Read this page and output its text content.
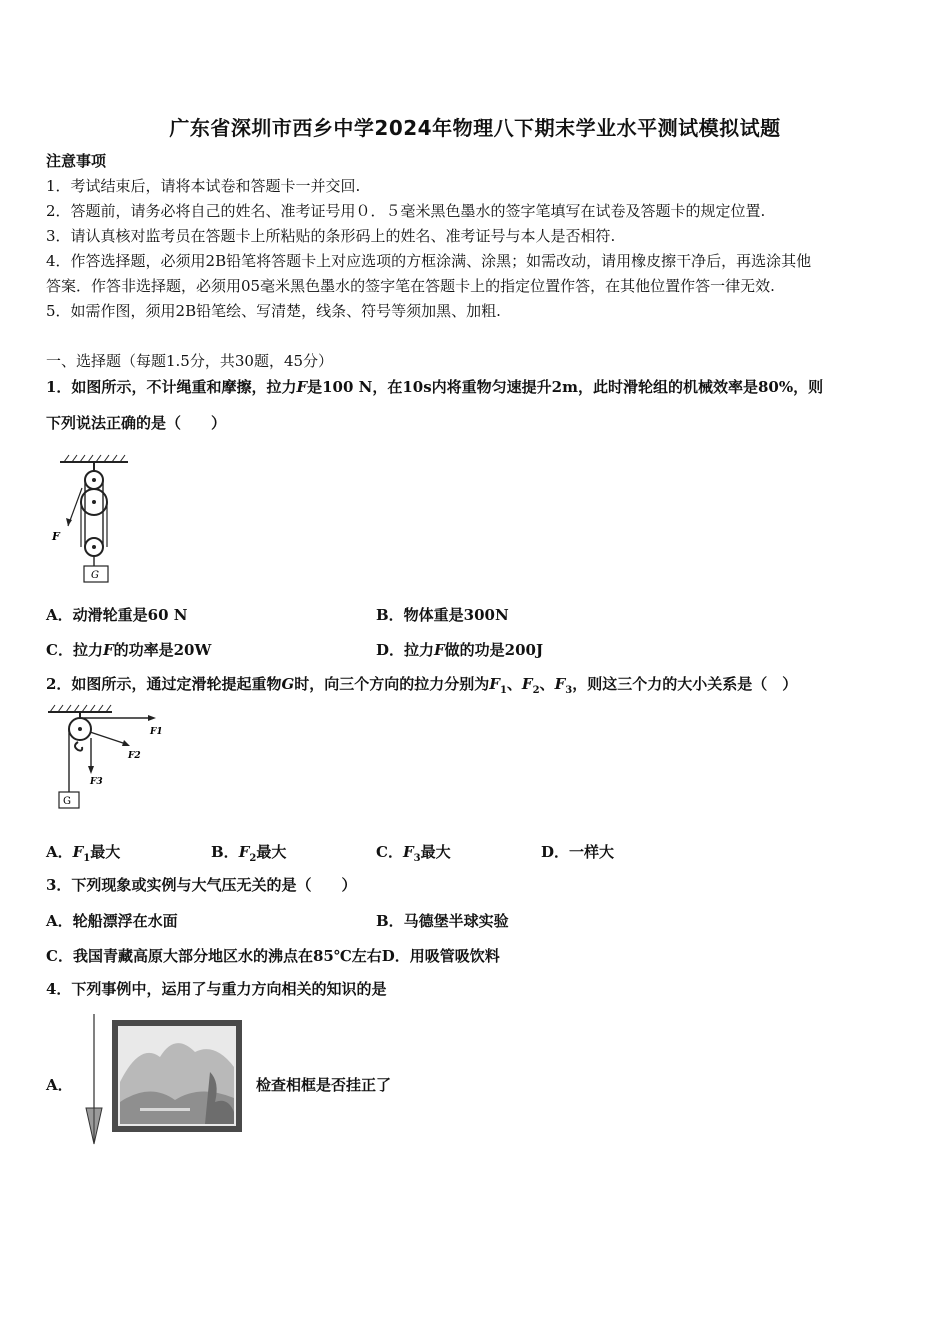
广东省深圳市西乡中学2024年物理八下期末学业水平测试模拟试题
注意事项
1．考试结束后，请将本试卷和答题卡一并交回.
2．答题前，请务必将自己的姓名、准考证号用０．５毫米黑色墨水的签字笔填写在试卷及答题卡的规定位置.
3．请认真核对监考员在答题卡上所粘贴的条形码上的姓名、准考证号与本人是否相符.
4．作答选择题，必须用2B铅笔将答题卡上对应选项的方框涂满、涂黑；如需改动，请用橡皮擦干净后，再选涂其他
答案．作答非选择题，必须用05毫米黑色墨水的签字笔在答题卡上的指定位置作答，在其他位置作答一律无效.
5．如需作图，须用2B铅笔绘、写清楚，线条、符号等须加黑、加粗.
一、选择题（每题1.5分，共30题，45分）
1．如图所示，不计绳重和摩擦，拉力F是100 N，在10s内将重物匀速提升2m，此时滑轮组的机械效率是80%，则
下列说法正确的是（　　）
F
G
A．动滑轮重是60 N	B．物体重是300N
C．拉力F的功率是20W	D．拉力F做的功是200J
2．如图所示，通过定滑轮提起重物G时，向三个方向的拉力分别为$F_1$、$F_2$、$F_3$，则这三个力的大小关系是（　）
G
F1
F2
F3
A．$F_1$最大	B．$F_2$最大	C．$F_3$最大	D．一样大
3．下列现象或实例与大气压无关的是（　　）
A．轮船漂浮在水面	B．马德堡半球实验
C．我国青藏高原大部分地区水的沸点在85℃左右D．用吸管吸饮料
4．下列事例中，运用了与重力方向相关的知识的是
A．	检查相框是否挂正了
